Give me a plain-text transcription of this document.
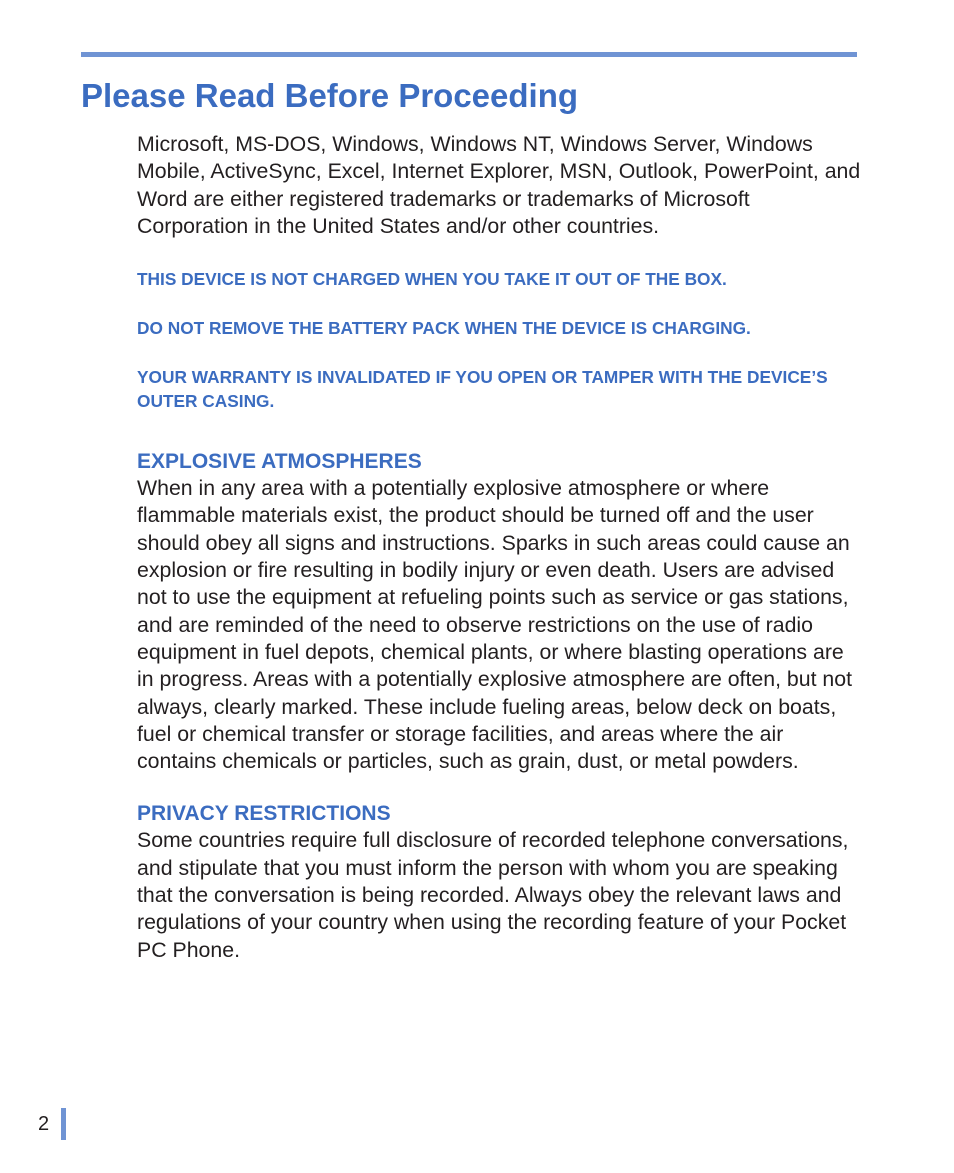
Please Read Before Proceeding

Microsoft, MS-DOS, Windows, Windows NT, Windows Server, Windows Mobile, ActiveSync, Excel, Internet Explorer, MSN, Outlook, PowerPoint, and Word are either registered trademarks or trademarks of Microsoft Corporation in the United States and/or other countries.

THIS DEVICE IS NOT CHARGED WHEN YOU TAKE IT OUT OF THE BOX.

DO NOT REMOVE THE BATTERY PACK WHEN THE DEVICE IS CHARGING.

YOUR WARRANTY IS INVALIDATED IF YOU OPEN OR TAMPER WITH THE DEVICE’S OUTER CASING.

EXPLOSIVE ATMOSPHERES

When in any area with a potentially explosive atmosphere or where flammable materials exist, the product should be turned off and the user should obey all signs and instructions. Sparks in such areas could cause an explosion or fire resulting in bodily injury or even death. Users are advised not to use the equipment at refueling points such as service or gas stations, and are reminded of the need to observe restrictions on the use of radio equipment in fuel depots, chemical plants, or where blasting operations are in progress. Areas with a potentially explosive atmosphere are often, but not always, clearly marked. These include fueling areas, below deck on boats, fuel or chemical transfer or storage facilities, and areas where the air contains chemicals or particles, such as grain, dust, or metal powders.

PRIVACY RESTRICTIONS

Some countries require full disclosure of recorded telephone conversations, and stipulate that you must inform the person with whom you are speaking that the conversation is being recorded. Always obey the relevant laws and regulations of your country when using the recording feature of your Pocket PC Phone.

2
